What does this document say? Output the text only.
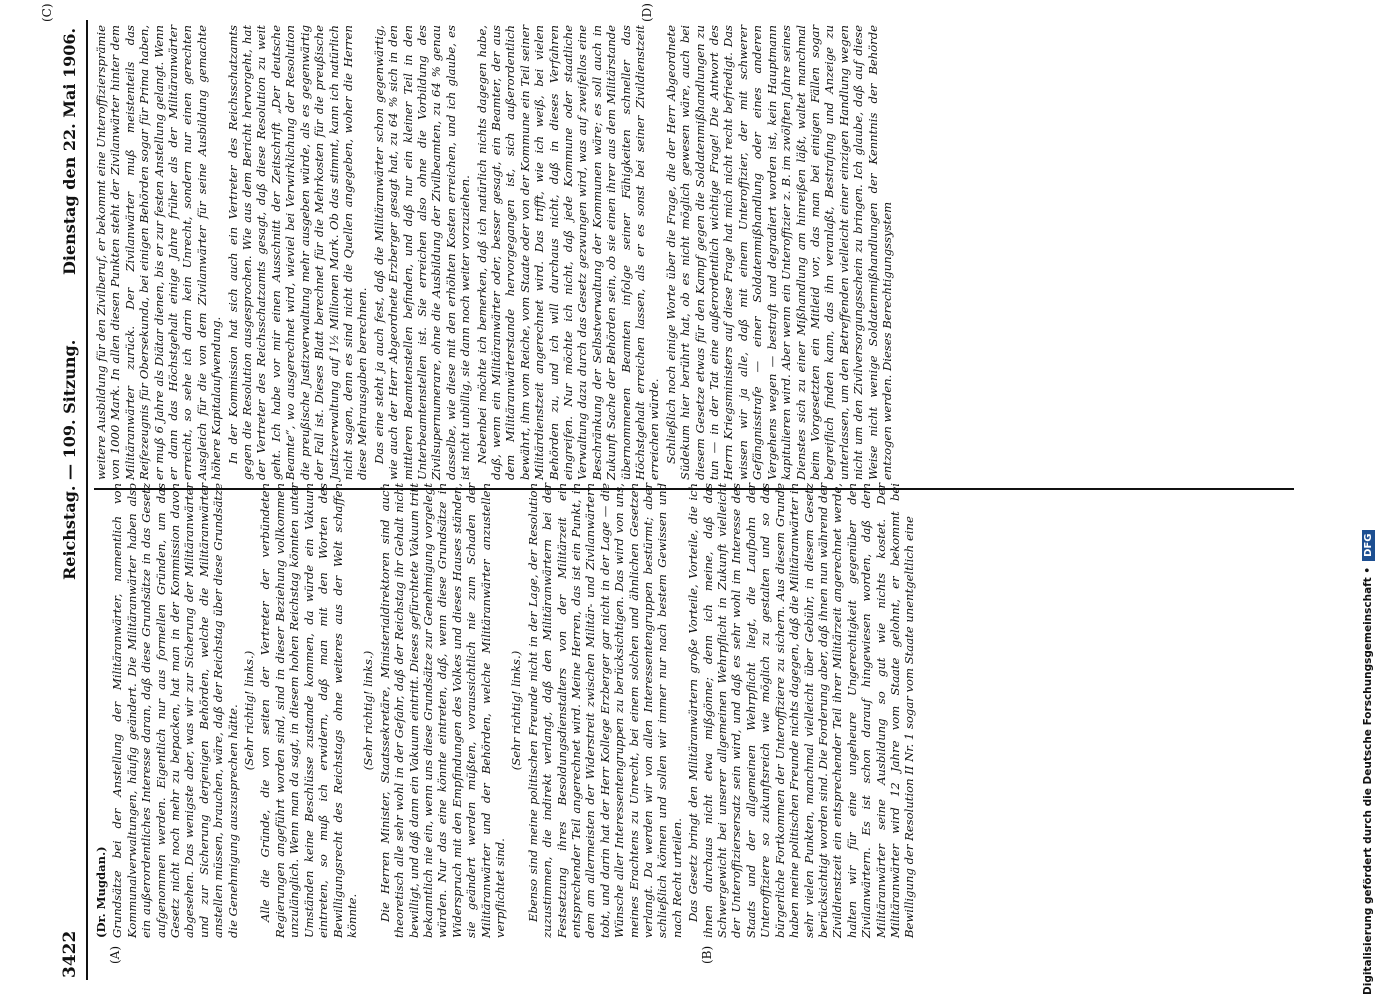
3422
Reichstag. — 109. Sitzung.
Dienstag den 22. Mai 1906.
(A)	(B)
(C)	(D)

(Dr. Mugdan.) Grundsätze bei der Anstellung der Militäranwärter, namentlich von Kommunalverwaltungen, häufig geändert. Die Militäranwärter haben also ein außerordentliches Interesse daran, daß diese Grundsätze in das Gesetz aufgenommen werden. Eigentlich nur aus formellen Gründen, um das Gesetz nicht noch mehr zu bepacken, hat man in der Kommission davon abgesehen. Das wenigste aber, was wir zur Sicherung der Militäranwärter und zur Sicherung derjenigen Behörden, welche die Militäranwärter anstellen müssen, brauchen, wäre, daß der Reichstag über diese Grundsätze die Genehmigung auszusprechen hätte. (Sehr richtig! links.) Alle die Gründe, die von seiten der Vertreter der verbündeten Regierungen angeführt worden sind, sind in dieser Beziehung vollkommen unzulänglich. Wenn man da sagt, in diesem hohen Reichstag könnten unter Umständen keine Beschlüsse zustande kommen, da würde ein Vakuum eintreten, so muß ich erwidern, daß man mit den Worten des Bewilligungsrecht des Reichstags ohne weiteres aus der Welt schaffen könnte.

(Sehr richtig! links.) Die Herren Minister, Staatssekretäre, Ministerialdirektoren sind auch theoretisch alle sehr wohl in der Gefahr, daß der Reichstag ihr Gehalt nicht bewilligt, und daß dann ein Vakuum eintritt. Dieses gefürchtete Vakuum tritt bekanntlich nie ein, wenn uns diese Grundsätze zur Genehmigung vorgelegt würden. Nur das eine könnte eintreten, daß, wenn diese Grundsätze in Widerspruch mit den Empfindungen des Volkes und dieses Hauses ständen, sie geändert werden müßten, voraussichtlich nie zum Schaden der Militäranwärter und der Behörden, welche Militäranwärter anzustellen verpflichtet sind.

(Sehr richtig! links.) Ebenso sind meine politischen Freunde nicht in der Lage, der Resolution zuzustimmen, die indirekt verlangt, daß den Militäranwärtern bei der Festsetzung ihres Besoldungsdienstalters von der Militärzeit ein entsprechender Teil angerechnet wird. Meine Herren, das ist ein Punkt, in dem am allermeisten der Widerstreit zwischen Militär- und Zivilanwärtern tobt, und darin hat der Herr Kollege Erzberger gar nicht in der Lage — die Wünsche aller Interessentengruppen zu berücksichtigen. Das wird von uns, meines Erachtens zu Unrecht, bei einem solchen und ähnlichen Gesetzen verlangt. Da werden wir von allen Interessentengruppen bestürmt; aber schließlich können und sollen wir immer nur nach bestem Gewissen und nach Recht urteilen. Das Gesetz bringt den Militäranwärtern große Vorteile, Vorteile, die ich ihnen durchaus nicht etwa mißgönne; denn ich meine, daß das Schwergewicht bei unserer allgemeinen Wehrpflicht in Zukunft vielleicht der Unteroffiziersersatz sein wird, und daß es sehr wohl im Interesse des Staats und der allgemeinen Wehrpflicht liegt, die Laufbahn der Unteroffiziere so zukunftsreich wie möglich zu gestalten und so das bürgerliche Fortkommen der Unteroffiziere zu sichern. Aus diesem Grunde haben meine politischen Freunde nichts dagegen, daß die Militäranwärter in sehr vielen Punkten, manchmal vielleicht über Gebühr, in diesem Gesetz berücksichtigt worden sind. Die Forderung aber, daß ihnen nun während der Zivildienstzeit ein entsprechender Teil ihrer Militärzeit angerechnet werde, halten wir für eine ungeheure Ungerechtigkeit gegenüber den Zivilanwärtern. Es ist schon darauf hingewiesen worden, daß dem Militäranwärter seine Ausbildung so gut wie nichts kostet. Der Militäranwärter wird 12 Jahre vom Staate gelohnt, er bekommt bei Bewilligung der Resolution II Nr. 1 sogar vom Staate unentgeltlich eine

weitere Ausbildung für den Zivilberuf, er bekommt eine Unteroffiziersprämie von 1000 Mark. In allen diesen Punkten steht der Zivilanwärter hinter dem Militäranwärter zurück. Der Zivilanwärter muß meistenteils das Reifezeugnis für Obersekunda, bei einigen Behörden sogar für Prima haben, er muß 6 Jahre als Diätar dienen, bis er zur festen Anstellung gelangt. Wenn er dann das Höchstgehalt einige Jahre früher als der Militäranwärter erreicht, so sehe ich darin kein Unrecht, sondern nur einen gerechten Ausgleich für die von dem Zivilanwärter für seine Ausbildung gemachte höhere Kapitalaufwendung. In der Kommission hat sich auch ein Vertreter des Reichsschatzamts gegen die Resolution ausgesprochen. Wie aus dem Bericht hervorgeht, hat der Vertreter des Reichsschatzamts gesagt, daß diese Resolution zu weit geht. Ich habe vor mir einen Ausschnitt der Zeitschrift „Der deutsche Beamte“, wo ausgerechnet wird, wieviel bei Verwirklichung der Resolution die preußische Justizverwaltung mehr ausgeben würde, als es gegenwärtig der Fall ist. Dieses Blatt berechnet für die Mehrkosten für die preußische Justizverwaltung auf 1½ Millionen Mark. Ob das stimmt, kann ich natürlich nicht sagen, denn es sind nicht die Quellen angegeben, woher die Herren diese Mehrausgaben berechnen. Das eine steht ja auch fest, daß die Militäranwärter schon gegenwärtig, wie auch der Herr Abgeordnete Erzberger gesagt hat, zu 64 % sich in den mittleren Beamtenstellen befinden, und daß nur ein kleiner Teil in den Unterbeamtenstellen ist. Sie erreichen also ohne die Vorbildung des Zivilsupernumerare, ohne die Ausbildung der Zivilbeamten, zu 64 % genau dasselbe, wie diese mit den erhöhten Kosten erreichen, und ich glaube, es ist nicht unbillig, sie dann noch weiter vorzuziehen. Nebenbei möchte ich bemerken, daß ich natürlich nichts dagegen habe, daß, wenn ein Militäranwärter oder, besser gesagt, ein Beamter, der aus dem Militäranwärterstande hervorgegangen ist, sich außerordentlich bewährt, ihm vom Reiche, vom Staate oder von der Kommune ein Teil seiner Militärdienstzeit angerechnet wird. Das trifft, wie ich weiß, bei vielen Behörden zu, und ich will durchaus nicht, daß in dieses Verfahren eingreifen. Nur möchte ich nicht, daß jede Kommune oder staatliche Verwaltung dazu durch das Gesetz gezwungen wird, was auf zweifellos eine Beschränkung der Selbstverwaltung der Kommunen wäre; es soll auch in Zukunft Sache der Behörden sein, ob sie einen ihrer aus dem Militärstande übernommenen Beamten infolge seiner Fähigkeiten schneller das Höchstgehalt erreichen lassen, als er es sonst bei seiner Zivildienstzeit erreichen würde. Schließlich noch einige Worte über die Frage, die der Herr Abgeordnete Südekum hier berührt hat, ob es nicht möglich gewesen wäre, auch bei diesem Gesetze etwas für den Kampf gegen die Soldatenmißhandlungen zu tun — in der Tat eine außerordentlich wichtige Frage! Die Antwort des Herrn Kriegsministers auf diese Frage hat mich nicht recht befriedigt. Das wissen wir ja alle, daß mit einem Unteroffizier, der mit schwerer Gefängnisstrafe — einer Soldatenmißhandlung oder eines anderen Vergehens wegen — bestraft und degradiert worden ist, kein Hauptmann kapitulieren wird. Aber wenn ein Unteroffizier z. B. im zwölften Jahre seines Dienstes sich zu einer Mißhandlung am hinreißen läßt, waltet manchmal beim Vorgesetzten ein Mitleid vor, das man bei einigen Fällen sogar begreiflich finden kann, das ihn veranlaßt, Bestrafung und Anzeige zu unterlassen, um den Betreffenden vielleicht einer einzigen Handlung wegen nicht um den Zivilversorgungsschein zu bringen. Ich glaube, daß auf diese Weise nicht wenige Soldatenmißhandlungen der Kenntnis der Behörde entzogen werden. Dieses Berechtigungssystem

Digitalisierung gefördert durch die Deutsche Forschungsgemeinschaft •DFG
